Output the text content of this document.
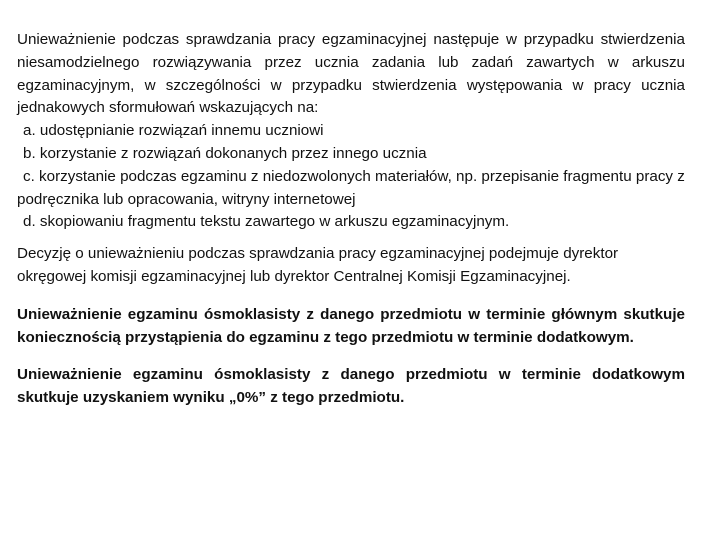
Unieważnienie podczas sprawdzania pracy egzaminacyjnej następuje w przypadku stwierdzenia niesamodzielnego rozwiązywania przez ucznia zadania lub zadań zawartych w arkuszu egzaminacyjnym, w szczególności w przypadku stwierdzenia występowania w pracy ucznia jednakowych sformułowań wskazujących na:

a. udostępnianie rozwiązań innemu uczniowi
b. korzystanie z rozwiązań dokonanych przez innego ucznia
c. korzystanie podczas egzaminu z niedozwolonych materiałów, np. przepisanie fragmentu pracy z podręcznika lub opracowania, witryny internetowej
d. skopiowaniu fragmentu tekstu zawartego w arkuszu egzaminacyjnym.

Decyzję o unieważnieniu podczas sprawdzania pracy egzaminacyjnej podejmuje dyrektor okręgowej komisji egzaminacyjnej lub dyrektor Centralnej Komisji Egzaminacyjnej.

Unieważnienie egzaminu ósmoklasisty z danego przedmiotu w terminie głównym skutkuje koniecznością przystąpienia do egzaminu z tego przedmiotu w terminie dodatkowym.

Unieważnienie egzaminu ósmoklasisty z danego przedmiotu w terminie dodatkowym skutkuje uzyskaniem wyniku „0%” z tego przedmiotu.
